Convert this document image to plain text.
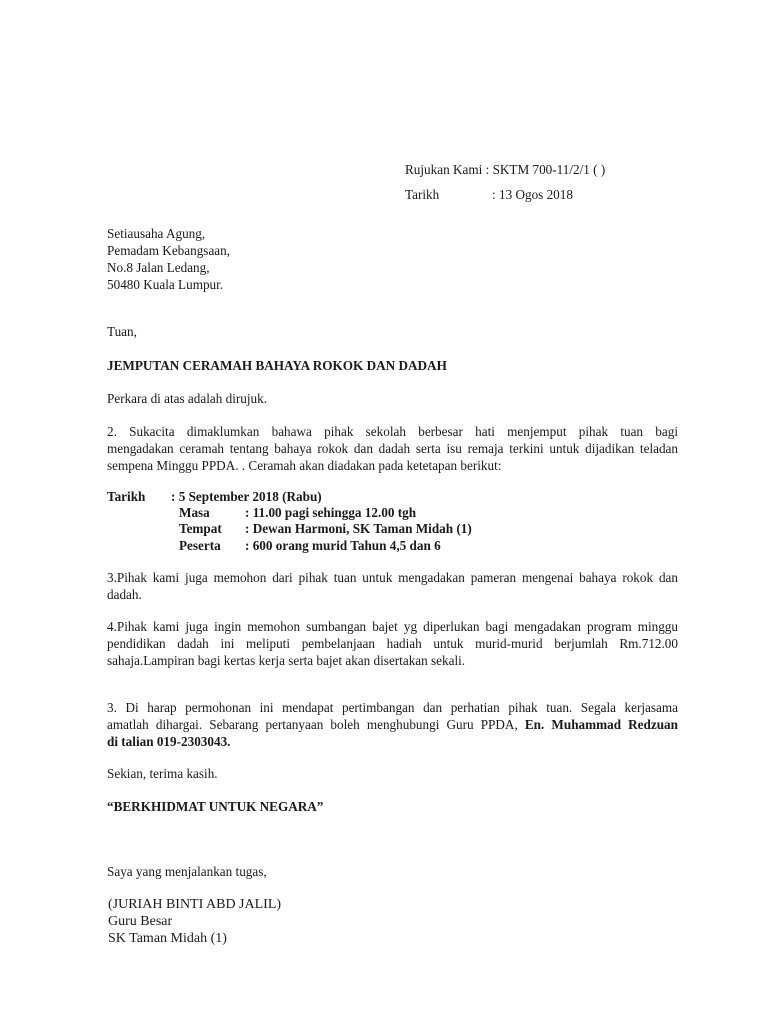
Rujukan Kami : SKTM 700-11/2/1 ( )
Tarikh	: 13 Ogos 2018
Setiausaha Agung,
Pemadam Kebangsaan,
No.8 Jalan Ledang,
50480 Kuala Lumpur.
Tuan,
JEMPUTAN CERAMAH BAHAYA ROKOK DAN DADAH
Perkara di atas adalah dirujuk.
2. Sukacita dimaklumkan bahawa pihak sekolah berbesar hati menjemput pihak tuan bagi
mengadakan ceramah tentang bahaya rokok dan dadah serta isu remaja terkini untuk dijadikan teladan
sempena Minggu PPDA. . Ceramah akan diadakan pada ketetapan berikut:
Tarikh : 5 September 2018 (Rabu)
Masa	: 11.00 pagi sehingga 12.00 tgh
Tempat : Dewan Harmoni, SK Taman Midah (1)
Peserta : 600 orang murid Tahun 4,5 dan 6
3.Pihak kami juga memohon dari pihak tuan untuk mengadakan pameran mengenai bahaya rokok dan
dadah.
4.Pihak kami juga ingin memohon sumbangan bajet yg diperlukan bagi mengadakan program minggu
pendidikan dadah ini meliputi pembelanjaan hadiah untuk murid-murid berjumlah Rm.712.00
sahaja.Lampiran bagi kertas kerja serta bajet akan disertakan sekali.
3. Di harap permohonan ini mendapat pertimbangan dan perhatian pihak tuan. Segala kerjasama
amatlah dihargai. Sebarang pertanyaan boleh menghubungi Guru PPDA, En. Muhammad Redzuan
di talian 019-2303043.
Sekian, terima kasih.
“BERKHIDMAT UNTUK NEGARA”
Saya yang menjalankan tugas,
(JURIAH BINTI ABD JALIL)
Guru Besar
SK Taman Midah (1)
